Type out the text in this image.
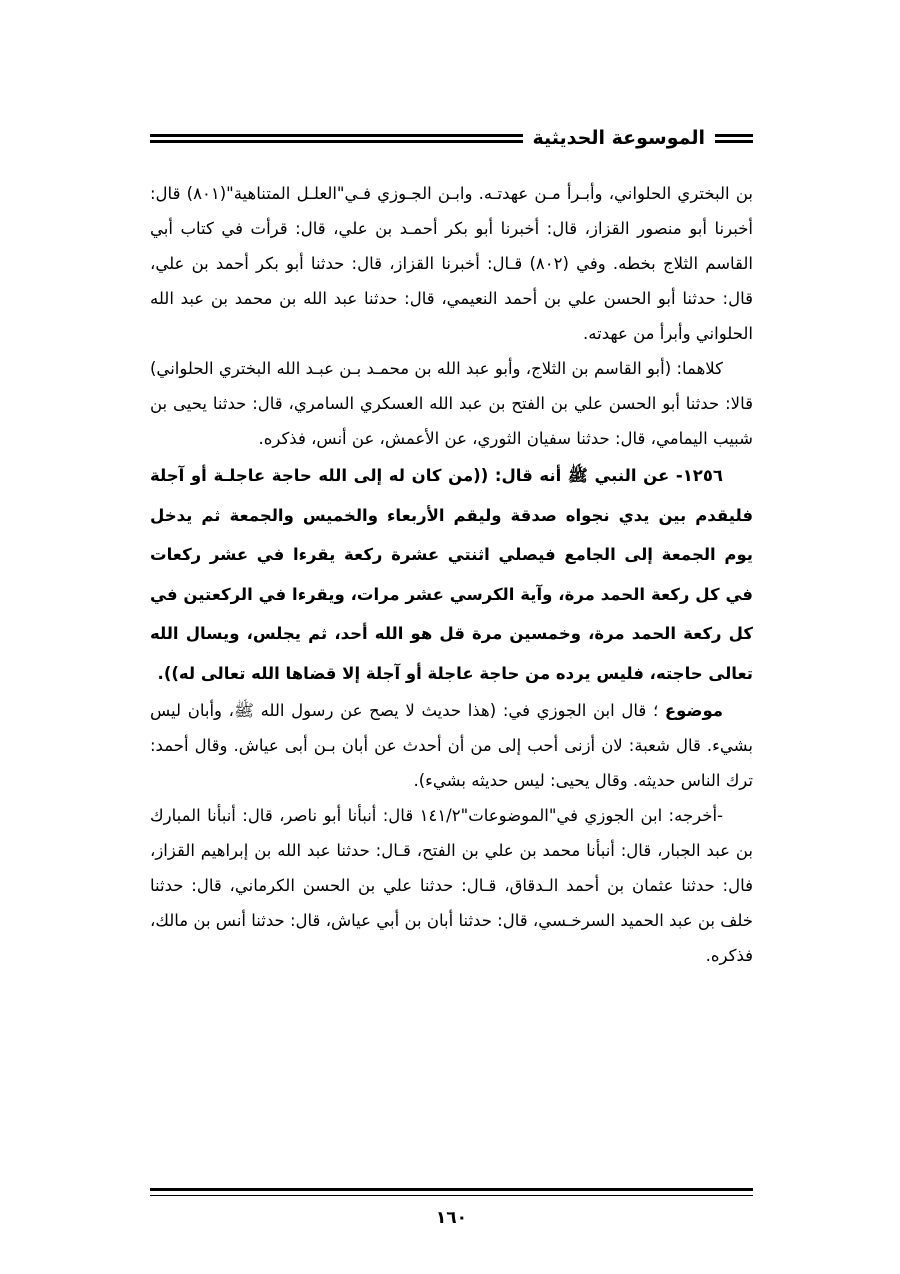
الموسوعة الحديثية

بن البختري الحلواني، وأبـرأ مـن عهدتـه. وابـن الجـوزي فـي"العلـل المتناهية"(٨٠١) قال: أخبرنا أبو منصور القزاز، قال: أخبرنا أبو بكر أحمـد بن علي، قال: قرأت في كتاب أبي القاسم الثلاج بخطه. وفي (٨٠٢) قـال: أخبرنا القزاز، قال: حدثنا أبو بكر أحمد بن علي، قال: حدثنا أبو الحسن علي بن أحمد النعيمي، قال: حدثنا عبد الله بن محمد بن عبد الله الحلواني وأبرأ من عهدته.

كلاهما: (أبو القاسم بن الثلاج، وأبو عبد الله بن محمـد بـن عبـد الله البختري الحلواني) قالا: حدثنا أبو الحسن علي بن الفتح بن عبد الله العسكري السامري، قال: حدثنا يحيى بن شبيب اليمامي، قال: حدثنا سفيان الثوري، عن الأعمش، عن أنس، فذكره.

١٢٥٦- عن النبي ﷺ أنه قال: ((من كان له إلى الله حاجة عاجلـة أو آجلة فليقدم بين يدي نجواه صدقة وليقم الأربعاء والخميس والجمعة ثم يدخل يوم الجمعة إلى الجامع فيصلي اثنتي عشرة ركعة يقرءا في عشر ركعات في كل ركعة الحمد مرة، وآية الكرسي عشر مرات، ويقرءا في الركعتين في كل ركعة الحمد مرة، وخمسين مرة قل هو الله أحد، ثم يجلس، ويسال الله تعالى حاجته، فليس يرده من حاجة عاجلة أو آجلة إلا قضاها الله تعالى له)).

موضوع ؛ قال ابن الجوزي في: (هذا حديث لا يصح عن رسول الله ﷺ، وأبان ليس بشيء. قال شعبة: لان أزنى أحب إلى من أن أحدث عن أبان بـن أبى عياش. وقال أحمد: ترك الناس حديثه. وقال يحيى: ليس حديثه بشيء).

-أخرجه: ابن الجوزي في"الموضوعات"١٤١/٢ قال: أنبأنا أبو ناصر، قال: أنبأنا المبارك بن عبد الجبار، قال: أنبأنا محمد بن علي بن الفتح، قـال: حدثنا عبد الله بن إبراهيم القزاز، فال: حدثنا عثمان بن أحمد الـدقاق، قـال: حدثنا علي بن الحسن الكرماني، قال: حدثنا خلف بن عبد الحميد السرخـسي، قال: حدثنا أبان بن أبي عياش، قال: حدثنا أنس بن مالك، فذكره.

١٦٠
